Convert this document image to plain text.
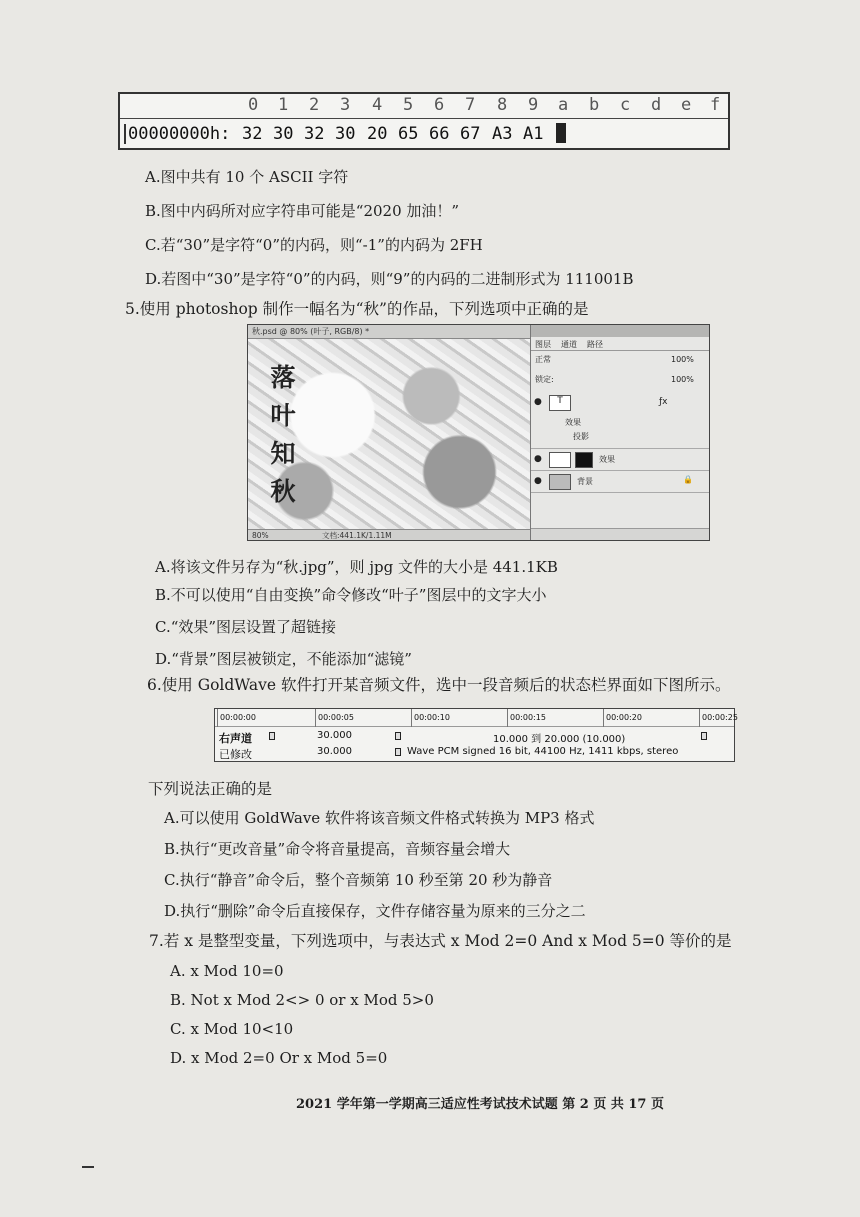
0 1 2 3 4 5 6 7 8 9 a b c d e f
00000000h: 32 30 32 30 20 65 66 67 A3 A1
A.图中共有 10 个 ASCII 字符
B.图中内码所对应字符串可能是“2020 加油！”
C.若“30”是字符“0”的内码，则“-1”的内码为 2FH
D.若图中“30”是字符“0”的内码，则“9”的内码的二进制形式为 111001B
5.使用 photoshop 制作一幅名为“秋”的作品，下列选项中正确的是
秋.psd @ 80% (叶子, RGB/8) *
落叶知秋
80%	文档:441.1K/1.11M
图层 通道 路径
正常	100%
锁定:	100%
●	T	ƒx
效果
投影
●	效果
●	背景	🔒
A.将该文件另存为“秋.jpg”，则 jpg 文件的大小是 441.1KB
B.不可以使用“自由变换”命令修改“叶子”图层中的文字大小
C.“效果”图层设置了超链接
D.“背景”图层被锁定，不能添加“滤镜”
6.使用 GoldWave 软件打开某音频文件，选中一段音频后的状态栏界面如下图所示。
00:00:00	00:00:05	00:00:10	00:00:15	00:00:20	00:00:25
右声道	30.000	10.000 到 20.000 (10.000)
已修改	30.000	Wave PCM signed 16 bit, 44100 Hz, 1411 kbps, stereo
下列说法正确的是
A.可以使用 GoldWave 软件将该音频文件格式转换为 MP3 格式
B.执行“更改音量”命令将音量提高，音频容量会增大
C.执行“静音”命令后，整个音频第 10 秒至第 20 秒为静音
D.执行“删除”命令后直接保存，文件存储容量为原来的三分之二
7.若 x 是整型变量，下列选项中，与表达式 x Mod 2=0 And x Mod 5=0 等价的是
A. x Mod 10=0
B. Not x Mod 2<> 0 or x Mod 5>0
C. x Mod 10<10
D. x Mod 2=0 Or x Mod 5=0
2021 学年第一学期高三适应性考试技术试题 第 2 页 共 17 页
